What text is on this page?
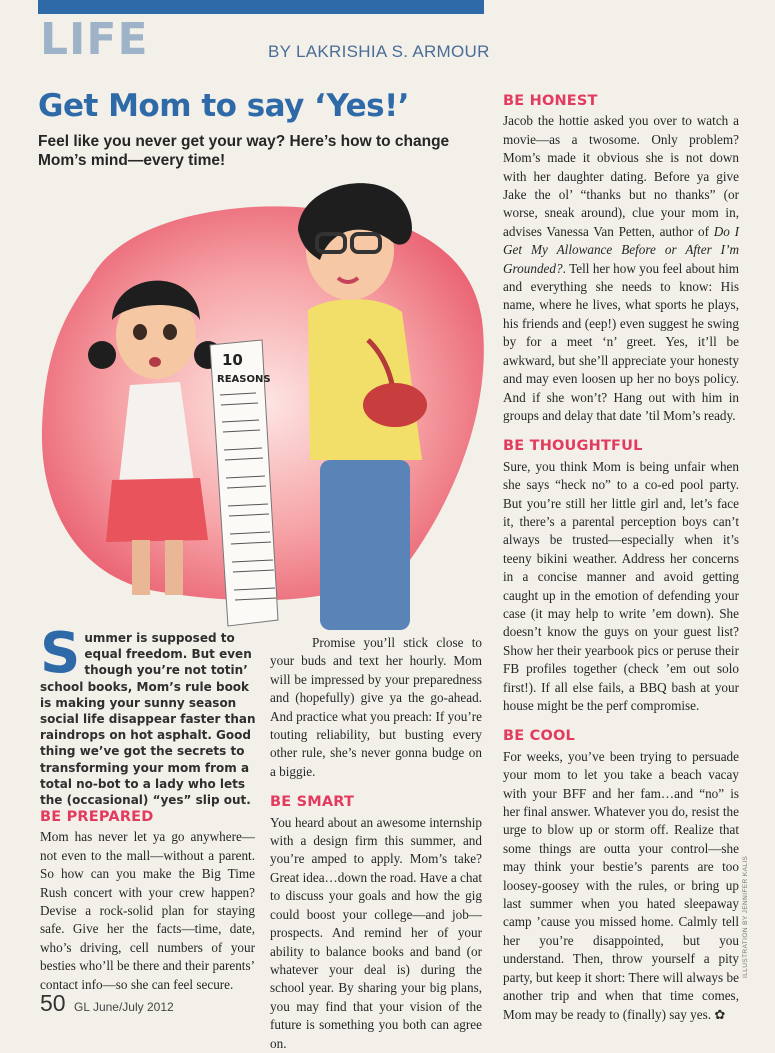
LIFE	BY LAKRISHIA S. ARMOUR
Get Mom to say ‘Yes!’
Feel like you never get your way? Here’s how to change Mom’s mind—every time!
10
REASONS

Summer is supposed to equal freedom. But even though you’re not totin’ school books, Mom’s rule book is making your sunny season social life disappear faster than raindrops on hot asphalt. Good thing we’ve got the secrets to transforming your mom from a total no-bot to a lady who lets the (occasional) “yes” slip out.

BE PREPARED

Mom has never let ya go anywhere—not even to the mall—without a parent. So how can you make the Big Time Rush concert with your crew happen? Devise a rock-solid plan for staying safe. Give her the facts—time, date, who’s driving, cell numbers of your besties who’ll be there and their parents’ contact info—so she can feel secure.

Promise you’ll stick close to your buds and text her hourly. Mom will be impressed by your preparedness and (hopefully) give ya the go-ahead. And practice what you preach: If you’re touting reliability, but busting every other rule, she’s never gonna budge on a biggie.

BE SMART

You heard about an awesome internship with a design firm this summer, and you’re amped to apply. Mom’s take? Great idea…down the road. Have a chat to discuss your goals and how the gig could boost your college—and job—prospects. And remind her of your ability to balance books and band (or whatever your deal is) during the school year. By sharing your big plans, you may find that your vision of the future is something you both can agree on.

BE HONEST

Jacob the hottie asked you over to watch a movie—as a twosome. Only problem? Mom’s made it obvious she is not down with her daughter dating. Before ya give Jake the ol’ “thanks but no thanks” (or worse, sneak around), clue your mom in, advises Vanessa Van Petten, author of Do I Get My Allowance Before or After I’m Grounded?. Tell her how you feel about him and everything she needs to know: His name, where he lives, what sports he plays, his friends and (eep!) even suggest he swing by for a meet ‘n’ greet. Yes, it’ll be awkward, but she’ll appreciate your honesty and may even loosen up her no boys policy. And if she won’t? Hang out with him in groups and delay that date ’til Mom’s ready.

BE THOUGHTFUL

Sure, you think Mom is being unfair when she says “heck no” to a co-ed pool party. But you’re still her little girl and, let’s face it, there’s a parental perception boys can’t always be trusted—especially when it’s teeny bikini weather. Address her concerns in a concise manner and avoid getting caught up in the emotion of defending your case (it may help to write ’em down). She doesn’t know the guys on your guest list? Show her their yearbook pics or peruse their FB profiles together (check ’em out solo first!). If all else fails, a BBQ bash at your house might be the perf compromise.

BE COOL

For weeks, you’ve been trying to persuade your mom to let you take a beach vacay with your BFF and her fam…and “no” is her final answer. Whatever you do, resist the urge to blow up or storm off. Realize that some things are outta your control—she may think your bestie’s parents are too loosey-goosey with the rules, or bring up last summer when you hated sleepaway camp ’cause you missed home. Calmly tell her you’re disappointed, but you understand. Then, throw yourself a pity party, but keep it short: There will always be another trip and when that time comes, Mom may be ready to (finally) say yes. ✿

50 GL June/July 2012
ILLUSTRATION BY JENNIFER KALIS
